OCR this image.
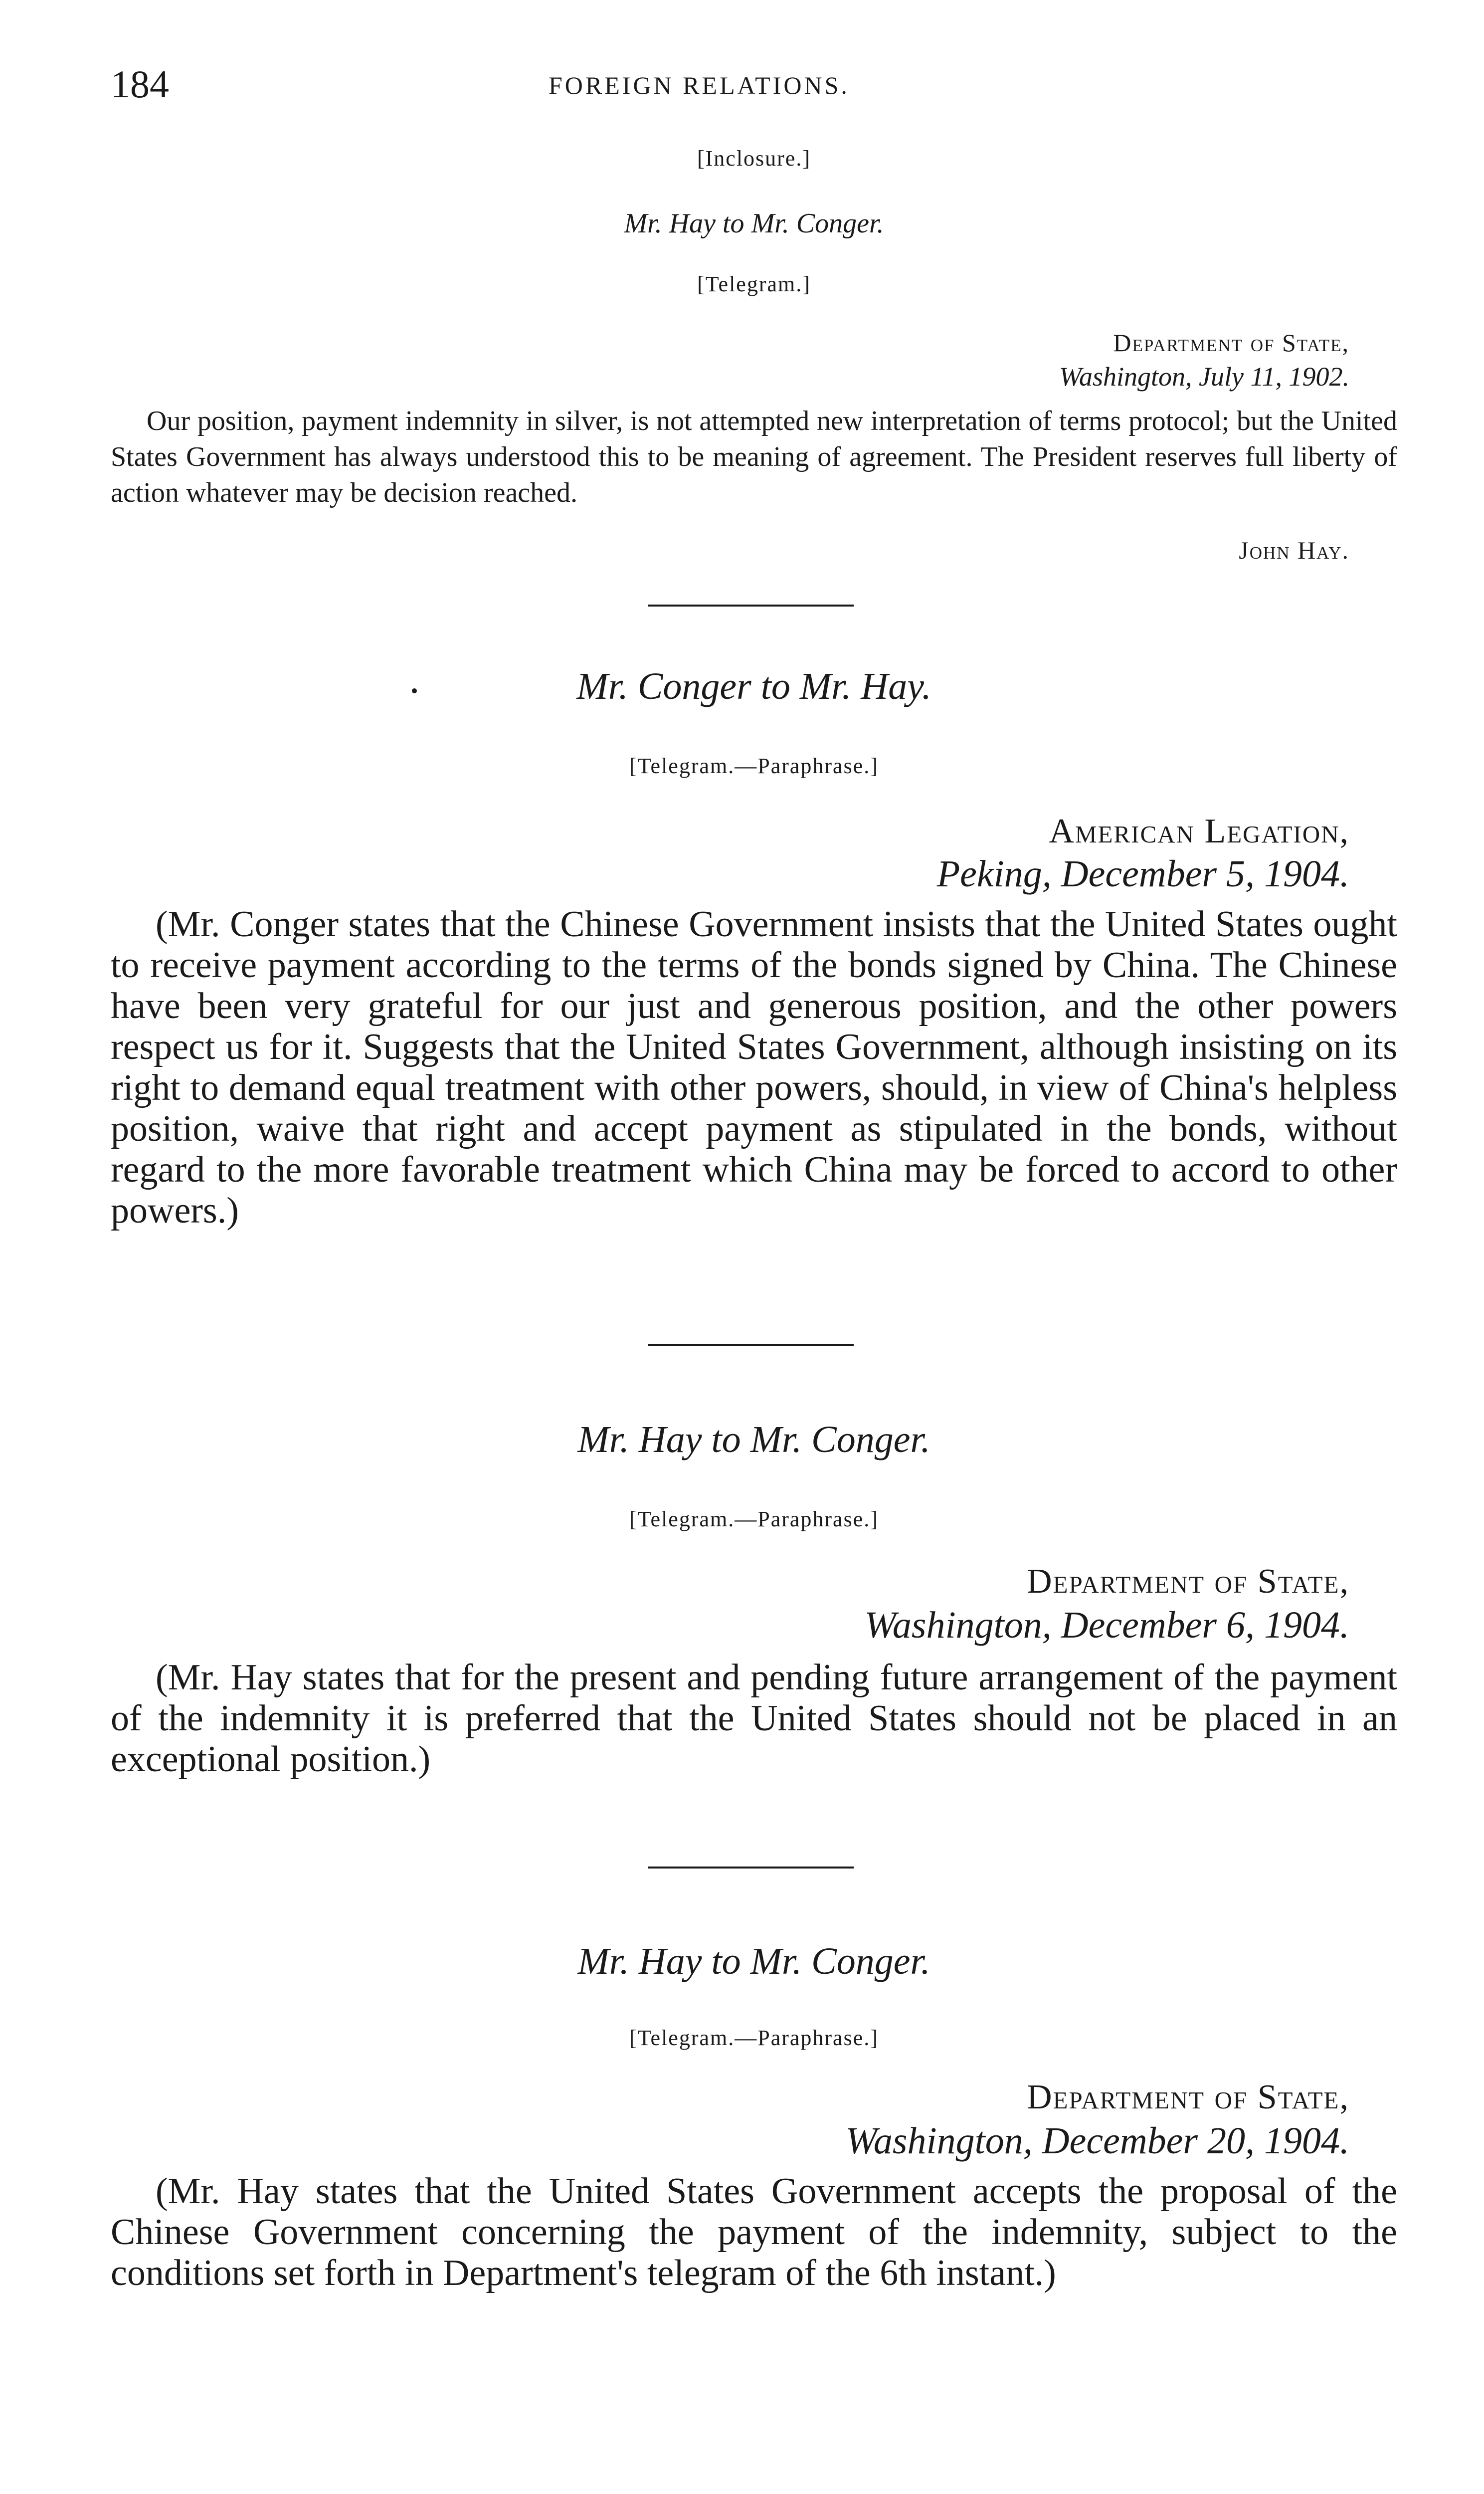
184	FOREIGN RELATIONS.
[Inclosure.]
Mr. Hay to Mr. Conger.
[Telegram.]
Department of State,
Washington, July 11, 1902.
Our position, payment indemnity in silver, is not attempted new interpretation of terms protocol; but the United States Government has always understood this to be meaning of agreement. The President reserves full liberty of action whatever may be decision reached.
John Hay.
Mr. Conger to Mr. Hay.
[Telegram.—Paraphrase.]
American Legation,
Peking, December 5, 1904.
(Mr. Conger states that the Chinese Government insists that the United States ought to receive payment according to the terms of the bonds signed by China. The Chinese have been very grateful for our just and generous position, and the other powers respect us for it. Suggests that the United States Government, although insisting on its right to demand equal treatment with other powers, should, in view of China's helpless position, waive that right and accept payment as stipulated in the bonds, without regard to the more favorable treatment which China may be forced to accord to other powers.)
Mr. Hay to Mr. Conger.
[Telegram.—Paraphrase.]
Department of State,
Washington, December 6, 1904.
(Mr. Hay states that for the present and pending future arrangement of the payment of the indemnity it is preferred that the United States should not be placed in an exceptional position.)
Mr. Hay to Mr. Conger.
[Telegram.—Paraphrase.]
Department of State,
Washington, December 20, 1904.
(Mr. Hay states that the United States Government accepts the proposal of the Chinese Government concerning the payment of the indemnity, subject to the conditions set forth in Department's telegram of the 6th instant.)
